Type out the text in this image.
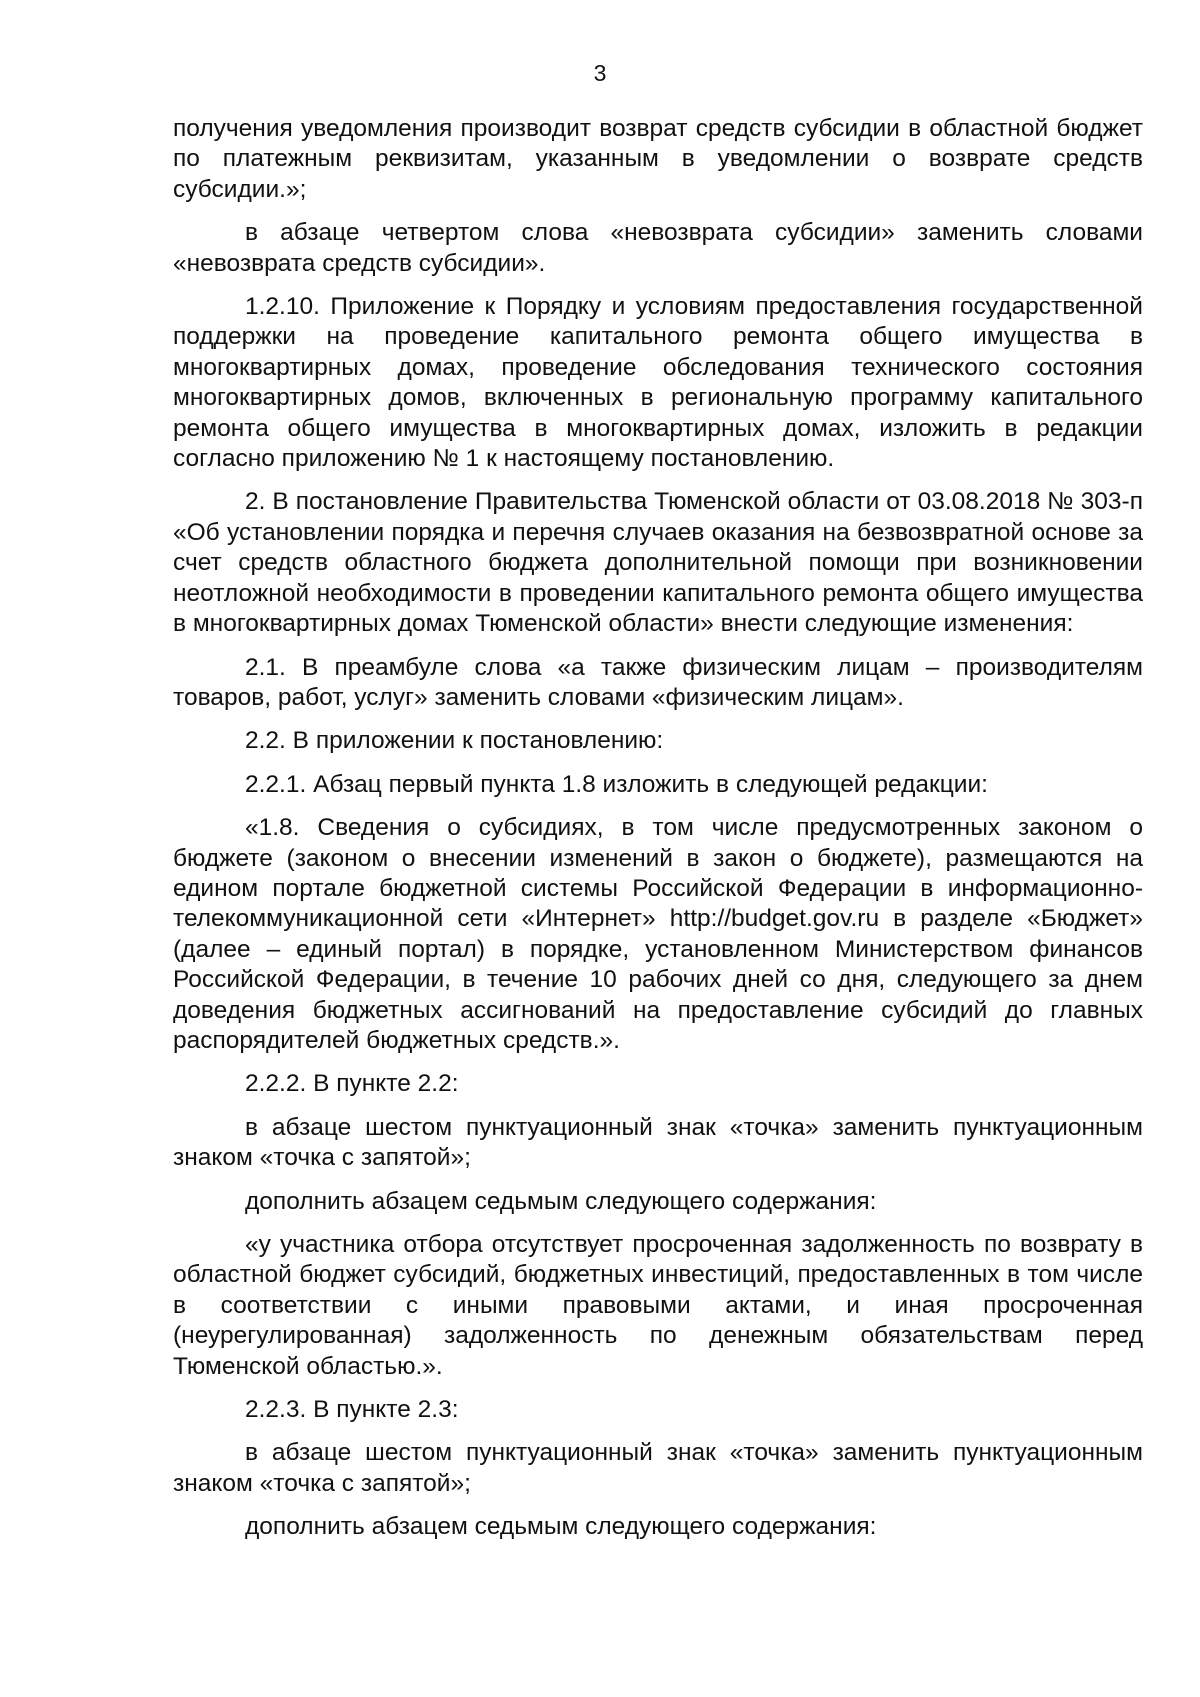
3

получения уведомления производит возврат средств субсидии в областной бюджет по платежным реквизитам, указанным в уведомлении о возврате средств субсидии.»;

в абзаце четвертом слова «невозврата субсидии» заменить словами «невозврата средств субсидии».

1.2.10. Приложение к Порядку и условиям предоставления государственной поддержки на проведение капитального ремонта общего имущества в многоквартирных домах, проведение обследования технического состояния многоквартирных домов, включенных в региональную программу капитального ремонта общего имущества в многоквартирных домах, изложить в редакции согласно приложению № 1 к настоящему постановлению.

2. В постановление Правительства Тюменской области от 03.08.2018 № 303-п «Об установлении порядка и перечня случаев оказания на безвозвратной основе за счет средств областного бюджета дополнительной помощи при возникновении неотложной необходимости в проведении капитального ремонта общего имущества в многоквартирных домах Тюменской области» внести следующие изменения:

2.1. В преамбуле слова «а также физическим лицам – производителям товаров, работ, услуг» заменить словами «физическим лицам».

2.2. В приложении к постановлению:

2.2.1. Абзац первый пункта 1.8 изложить в следующей редакции:

«1.8. Сведения о субсидиях, в том числе предусмотренных законом о бюджете (законом о внесении изменений в закон о бюджете), размещаются на едином портале бюджетной системы Российской Федерации в информационно-телекоммуникационной сети «Интернет» http://budget.gov.ru в разделе «Бюджет» (далее – единый портал) в порядке, установленном Министерством финансов Российской Федерации, в течение 10 рабочих дней со дня, следующего за днем доведения бюджетных ассигнований на предоставление субсидий до главных распорядителей бюджетных средств.».

2.2.2. В пункте 2.2:

в абзаце шестом пунктуационный знак «точка» заменить пунктуационным знаком «точка с запятой»;

дополнить абзацем седьмым следующего содержания:

«у участника отбора отсутствует просроченная задолженность по возврату в областной бюджет субсидий, бюджетных инвестиций, предоставленных в том числе в соответствии с иными правовыми актами, и иная просроченная (неурегулированная) задолженность по денежным обязательствам перед Тюменской областью.».

2.2.3. В пункте 2.3:

в абзаце шестом пунктуационный знак «точка» заменить пунктуационным знаком «точка с запятой»;

дополнить абзацем седьмым следующего содержания:
